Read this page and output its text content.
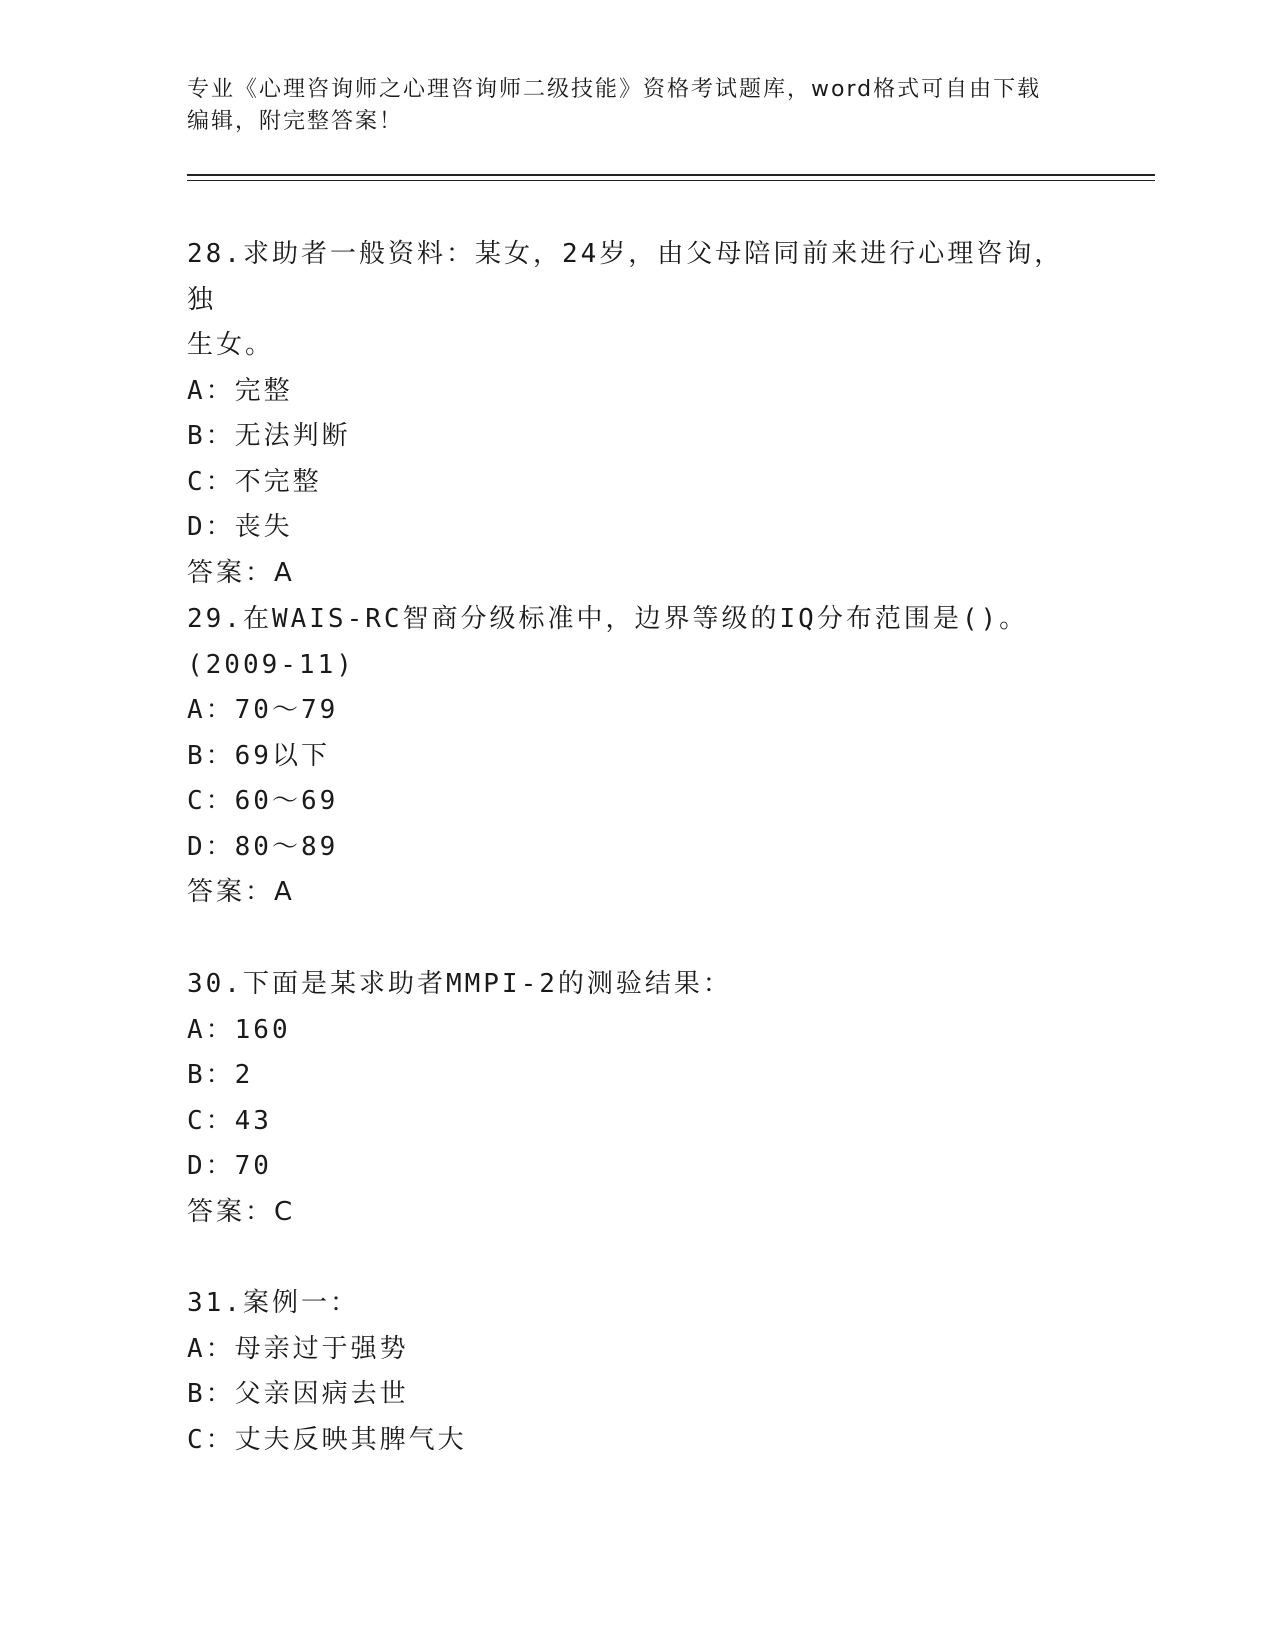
专业《心理咨询师之心理咨询师二级技能》资格考试题库，word格式可自由下载
编辑，附完整答案！
28.求助者一般资料：某女，24岁，由父母陪同前来进行心理咨询，独
生女。
A：完整
B：无法判断
C：不完整
D：丧失
答案：A
29.在WAIS-RC智商分级标准中，边界等级的IQ分布范围是()。
(2009-11)
A：70～79
B：69以下
C：60～69
D：80～89
答案：A
30.下面是某求助者MMPI-2的测验结果：
A：160
B：2
C：43
D：70
答案：C
31.案例一：
A：母亲过于强势
B：父亲因病去世
C：丈夫反映其脾气大
